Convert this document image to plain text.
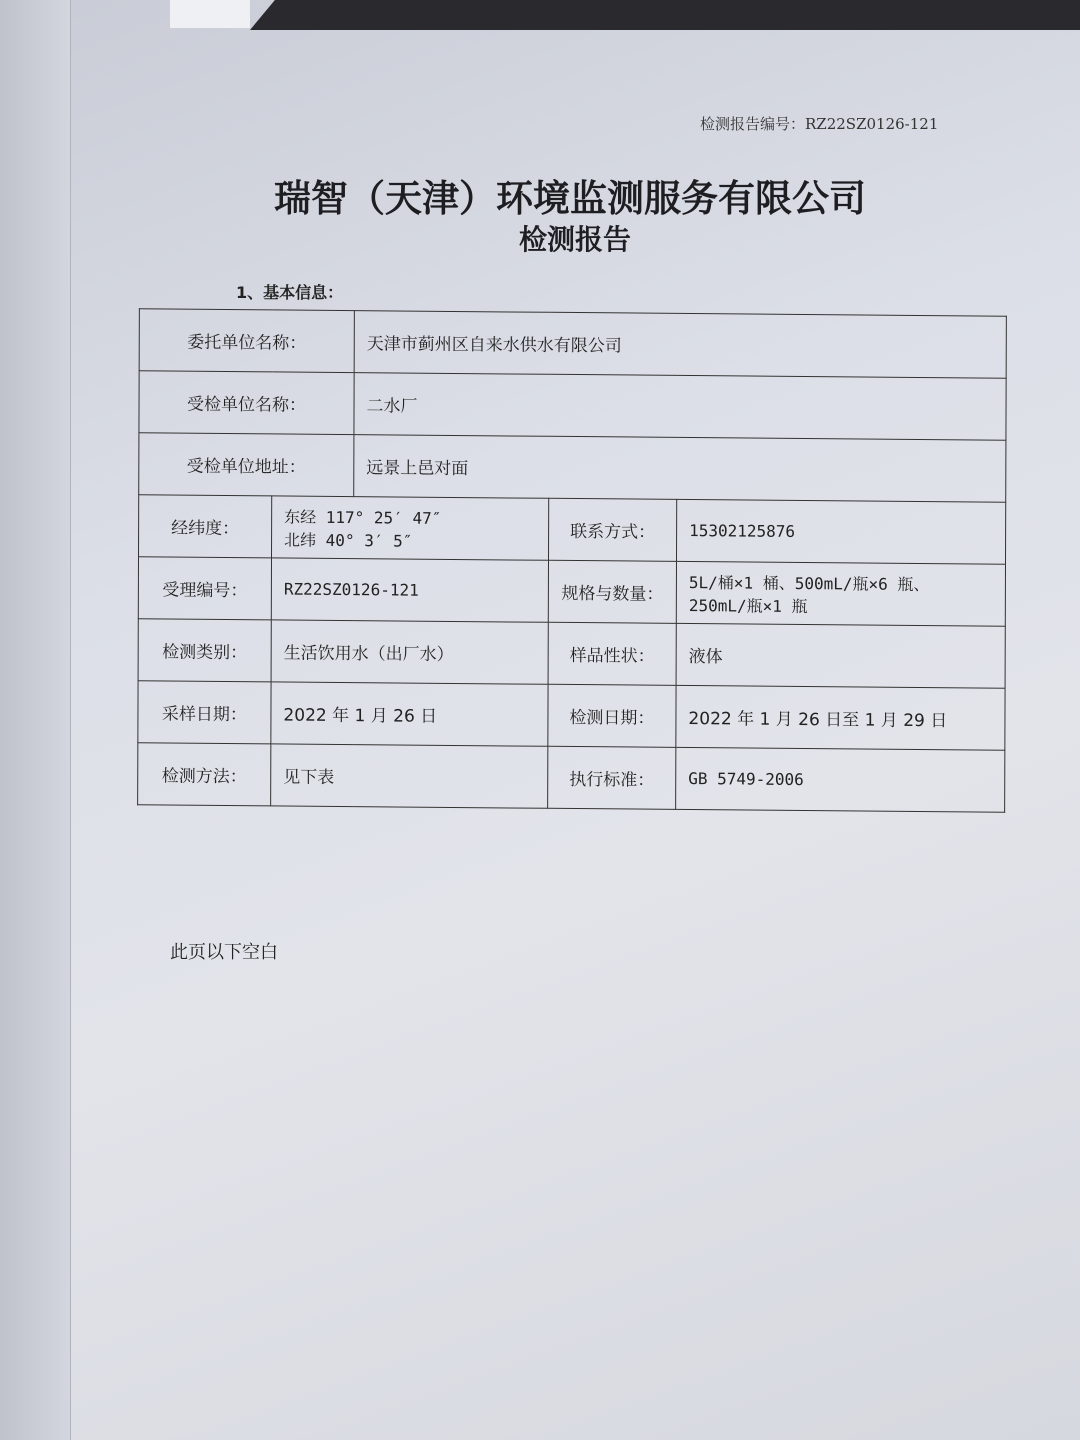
检测报告编号：RZ22SZ0126-121
瑞智（天津）环境监测服务有限公司
检测报告
1、基本信息：
委托单位名称：		天津市蓟州区自来水供水有限公司		
受检单位名称：		二水厂		
受检单位地址：		远景上邑对面		
经纬度：	东经 117° 25′ 47″
北纬 40° 3′ 5″		联系方式：	15302125876
受理编号：	RZ22SZ0126-121		规格与数量：	5L/桶×1 桶、500mL/瓶×6 瓶、
250mL/瓶×1 瓶

检测类别：	生活饮用水（出厂水）		样品性状：	液体
采样日期：	2022 年 1 月 26 日		检测日期：	2022 年 1 月 26 日至 1 月 29 日
检测方法：	见下表		执行标准：	GB 5749-2006
此页以下空白
